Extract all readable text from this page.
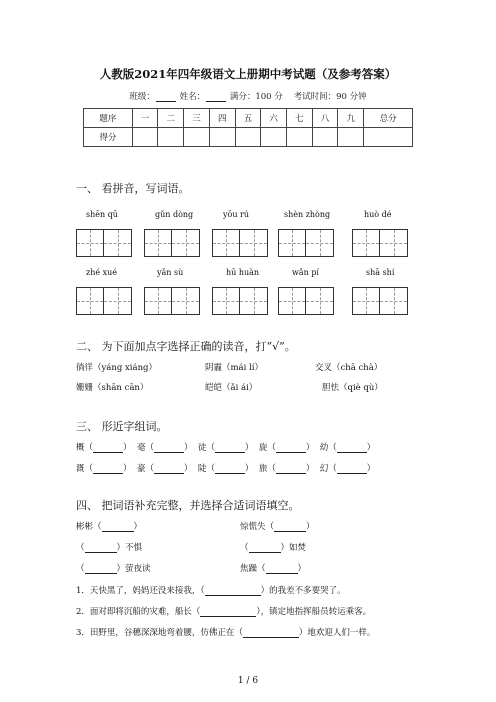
人教版2021年四年级语文上册期中考试题（及参考答案）
班级：	姓名：	满分：100 分 考试时间：90 分钟
题序	一	二	三	四	五	六	七	八	九	总分
得分										
一、 看拼音，写词语。
shēn qū	gǔn dòng	yōu rú	shèn zhòng	huò dé
zhé xué	yǎn sù	hū huàn	wǎn pí	shā shí
二、 为下面加点字选择正确的读音，打“√”。
徜徉（yáng xiáng）	阴霾（mái lí）	交叉（chā chà）
姗姗（shān cān）	皑皑（ǎi ái）	胆怯（qiè qù）
三、 形近字组词。
概（	）  毫（	）  徒（	）  旋（	）  幼（	）
溉（	）  豪（	）  陡（	）  旅（	）  幻（	）
四、 把词语补充完整，并选择合适词语填空。
彬彬（	）	惊慌失（	）
（	）不惧	（	）如焚
（	）萤夜读	焦躁（	）
1．天快黑了，妈妈还没来接我，（	）的我差不多要哭了。
2．面对即将沉船的灾难，船长（	），镇定地指挥船员转运乘客。
3．田野里，谷穗深深地弯着腰，仿佛正在（	）地欢迎人们一样。
1 / 6
